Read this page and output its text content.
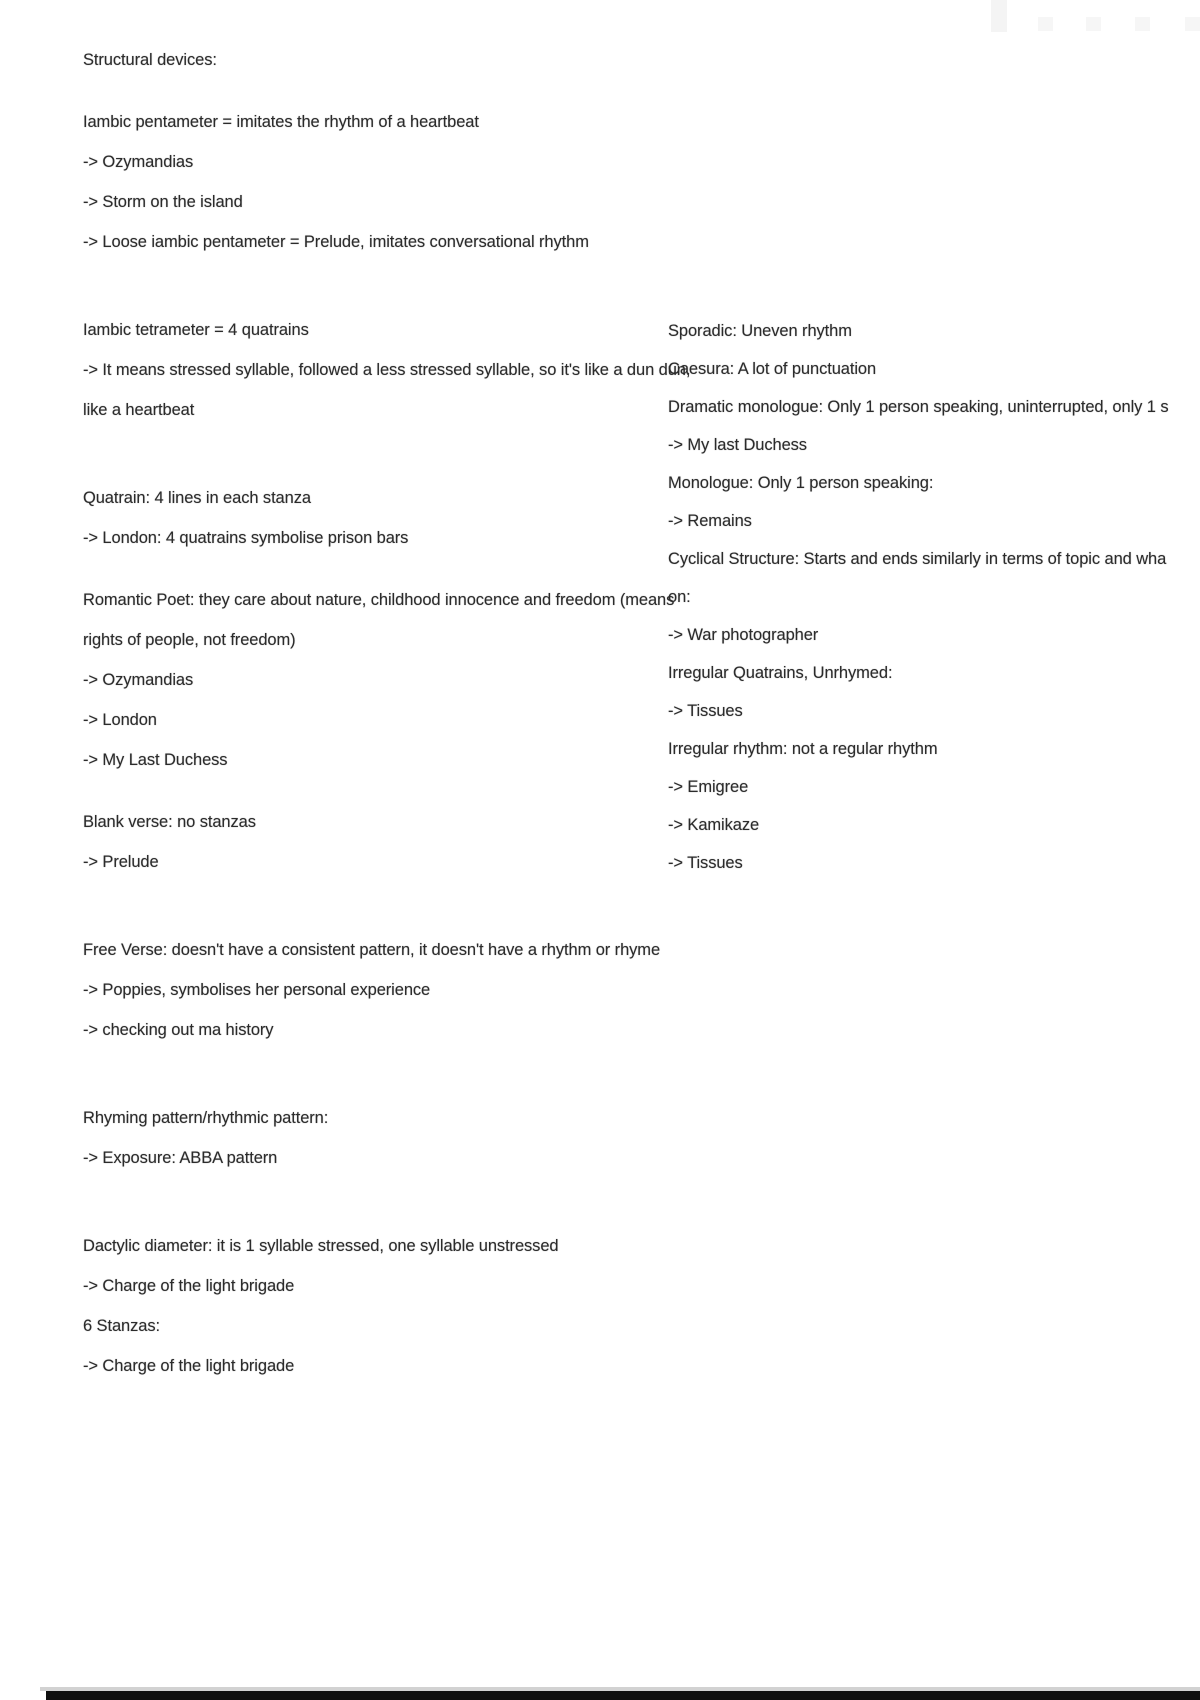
Structural devices:
Iambic pentameter = imitates the rhythm of a heartbeat
-> Ozymandias
-> Storm on the island
-> Loose iambic pentameter = Prelude, imitates conversational rhythm
Iambic tetrameter = 4 quatrains
-> It means stressed syllable, followed a less stressed syllable, so it's like a dun dun,
like a heartbeat
Quatrain: 4 lines in each stanza
-> London: 4 quatrains symbolise prison bars
Romantic Poet: they care about nature, childhood innocence and freedom (means
rights of people, not freedom)
-> Ozymandias
-> London
-> My Last Duchess
Blank verse: no stanzas
-> Prelude
Free Verse: doesn't have a consistent pattern, it doesn't have a rhythm or rhyme
-> Poppies, symbolises her personal experience
-> checking out ma history
Rhyming pattern/rhythmic pattern:
-> Exposure: ABBA pattern
Dactylic diameter: it is 1 syllable stressed, one syllable unstressed
-> Charge of the light brigade
6 Stanzas:
-> Charge of the light brigade
Sporadic: Uneven rhythm
Caesura: A lot of punctuation
Dramatic monologue: Only 1 person speaking, uninterrupted, only 1 s
-> My last Duchess
Monologue: Only 1 person speaking:
-> Remains
Cyclical Structure: Starts and ends similarly in terms of topic and wha
on:
-> War photographer
Irregular Quatrains, Unrhymed:
-> Tissues
Irregular rhythm: not a regular rhythm
-> Emigree
-> Kamikaze
-> Tissues
